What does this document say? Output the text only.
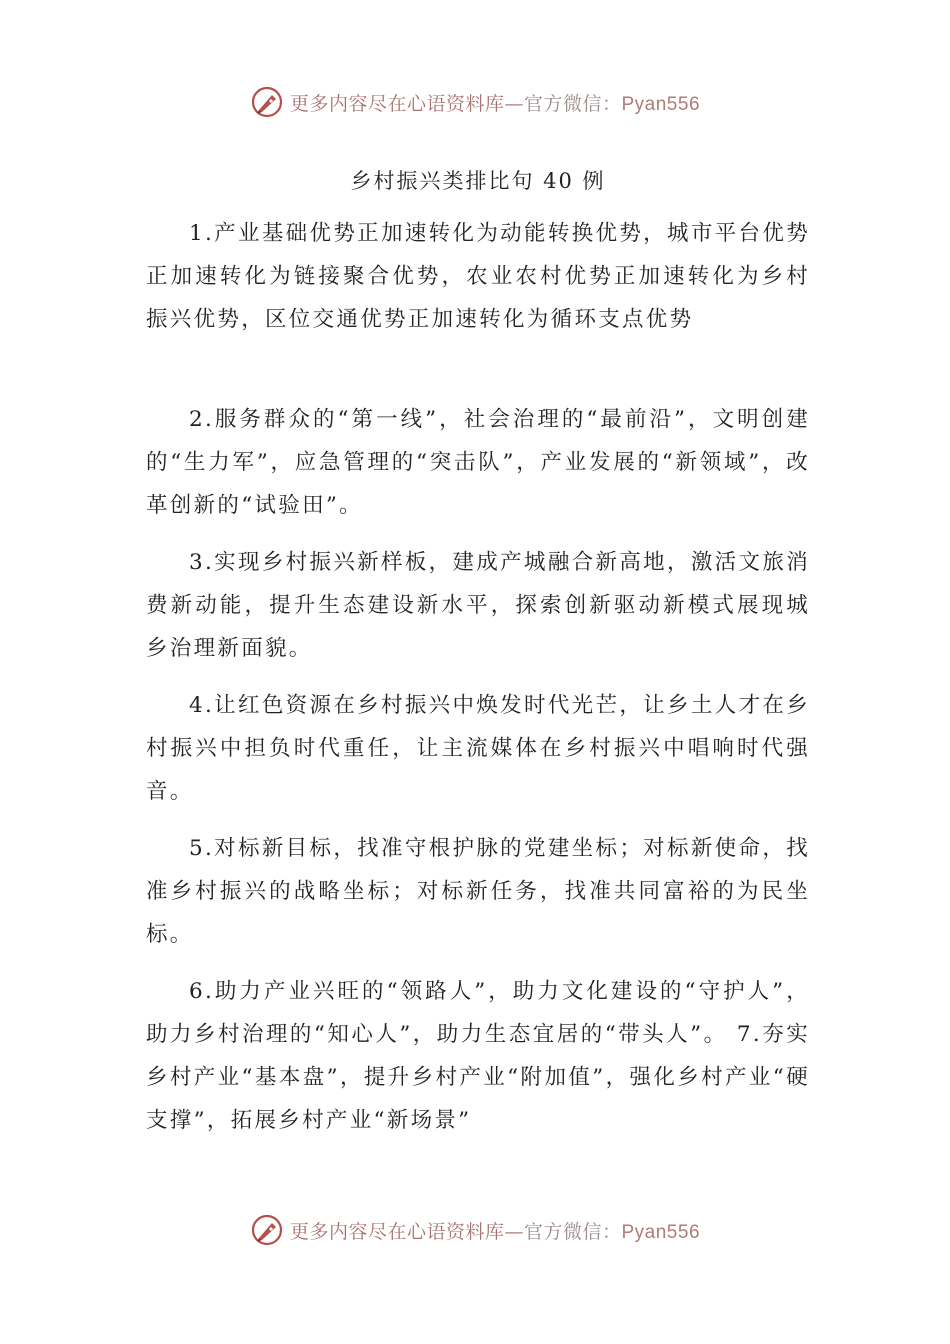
更多内容尽在心语资料库—官方微信：Pyan556
乡村振兴类排比句 40 例

1.产业基础优势正加速转化为动能转换优势，城市平台优势正加速转化为链接聚合优势，农业农村优势正加速转化为乡村振兴优势，区位交通优势正加速转化为循环支点优势

2.服务群众的“第一线”，社会治理的“最前沿”，文明创建的“生力军”，应急管理的“突击队”，产业发展的“新领域”，改革创新的“试验田”。

3.实现乡村振兴新样板，建成产城融合新高地，激活文旅消费新动能，提升生态建设新水平，探索创新驱动新模式展现城乡治理新面貌。

4.让红色资源在乡村振兴中焕发时代光芒，让乡土人才在乡村振兴中担负时代重任，让主流媒体在乡村振兴中唱响时代强音。

5.对标新目标，找准守根护脉的党建坐标；对标新使命，找准乡村振兴的战略坐标；对标新任务，找准共同富裕的为民坐标。

6.助力产业兴旺的“领路人”，助力文化建设的“守护人”，助力乡村治理的“知心人”，助力生态宜居的“带头人”。 7.夯实乡村产业“基本盘”，提升乡村产业“附加值”，强化乡村产业“硬支撑”，拓展乡村产业“新场景”

更多内容尽在心语资料库—官方微信：Pyan556
